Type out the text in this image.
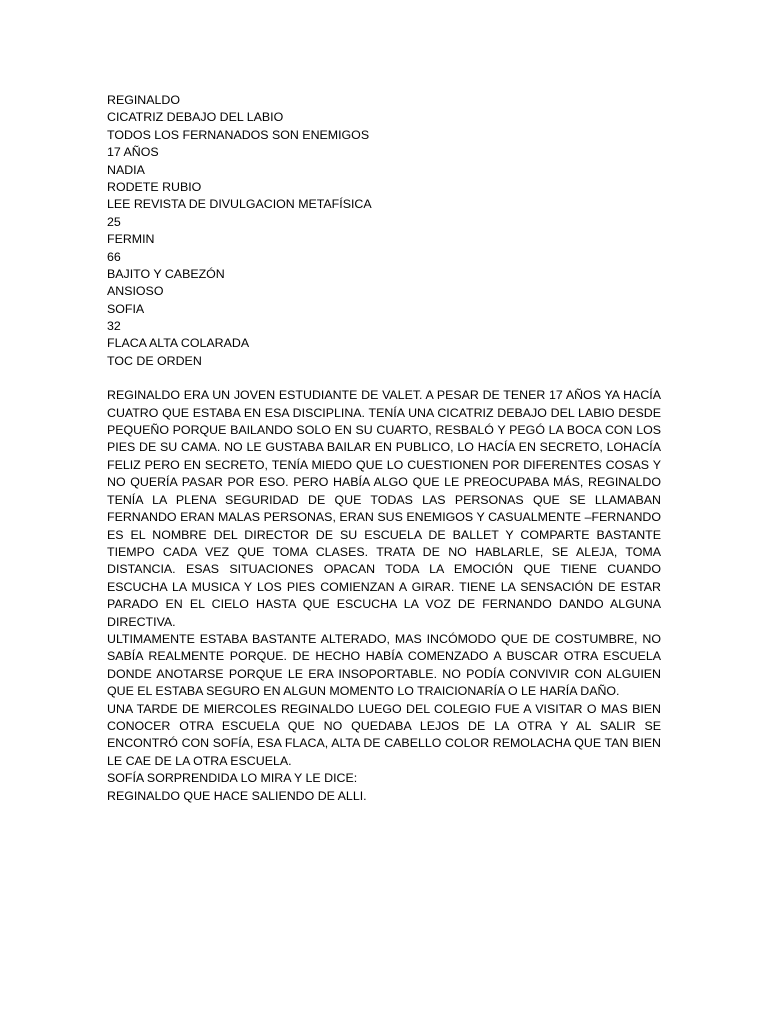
REGINALDO
CICATRIZ DEBAJO DEL LABIO
TODOS LOS FERNANADOS SON ENEMIGOS
17 AÑOS
NADIA
RODETE RUBIO
LEE REVISTA DE DIVULGACION METAFÍSICA
25
FERMIN
66
BAJITO Y CABEZÓN
ANSIOSO
SOFIA
32
FLACA ALTA COLARADA
TOC DE ORDEN

REGINALDO ERA UN JOVEN ESTUDIANTE DE VALET. A PESAR DE TENER 17 AÑOS YA HACÍA CUATRO QUE ESTABA EN ESA DISCIPLINA. TENÍA UNA CICATRIZ DEBAJO DEL LABIO DESDE PEQUEÑO PORQUE BAILANDO SOLO EN SU CUARTO, RESBALÓ Y PEGÓ LA BOCA CON LOS PIES DE SU CAMA. NO LE GUSTABA BAILAR EN PUBLICO, LO HACÍA EN SECRETO, LOHACÍA FELIZ PERO EN SECRETO, TENÍA MIEDO QUE LO CUESTIONEN POR DIFERENTES COSAS Y NO QUERÍA PASAR POR ESO. PERO HABÍA ALGO QUE LE PREOCUPABA MÁS, REGINALDO TENÍA LA PLENA SEGURIDAD DE QUE TODAS LAS PERSONAS QUE SE LLAMABAN FERNANDO ERAN MALAS PERSONAS, ERAN SUS ENEMIGOS Y CASUALMENTE –FERNANDO ES EL NOMBRE DEL DIRECTOR DE SU ESCUELA DE BALLET Y COMPARTE BASTANTE TIEMPO CADA VEZ QUE TOMA CLASES. TRATA DE NO HABLARLE, SE ALEJA, TOMA DISTANCIA. ESAS SITUACIONES OPACAN TODA LA EMOCIÓN QUE TIENE CUANDO ESCUCHA LA MUSICA Y LOS PIES COMIENZAN A GIRAR. TIENE LA SENSACIÓN DE ESTAR PARADO EN EL CIELO HASTA QUE ESCUCHA LA VOZ DE FERNANDO DANDO ALGUNA DIRECTIVA.

ULTIMAMENTE ESTABA BASTANTE ALTERADO, MAS INCÓMODO QUE DE COSTUMBRE, NO SABÍA REALMENTE PORQUE. DE HECHO HABÍA COMENZADO A BUSCAR OTRA ESCUELA DONDE ANOTARSE PORQUE LE ERA INSOPORTABLE. NO PODÍA CONVIVIR CON ALGUIEN QUE EL ESTABA SEGURO EN ALGUN MOMENTO LO TRAICIONARÍA O LE HARÍA DAÑO.

UNA TARDE DE MIERCOLES REGINALDO LUEGO DEL COLEGIO FUE A VISITAR O MAS BIEN CONOCER OTRA ESCUELA QUE NO QUEDABA LEJOS DE LA OTRA Y AL SALIR SE ENCONTRÓ CON SOFÍA, ESA FLACA, ALTA DE CABELLO COLOR REMOLACHA QUE TAN BIEN LE CAE DE LA OTRA ESCUELA.

SOFÍA SORPRENDIDA LO MIRA Y LE DICE:

REGINALDO QUE HACE SALIENDO DE ALLI.
